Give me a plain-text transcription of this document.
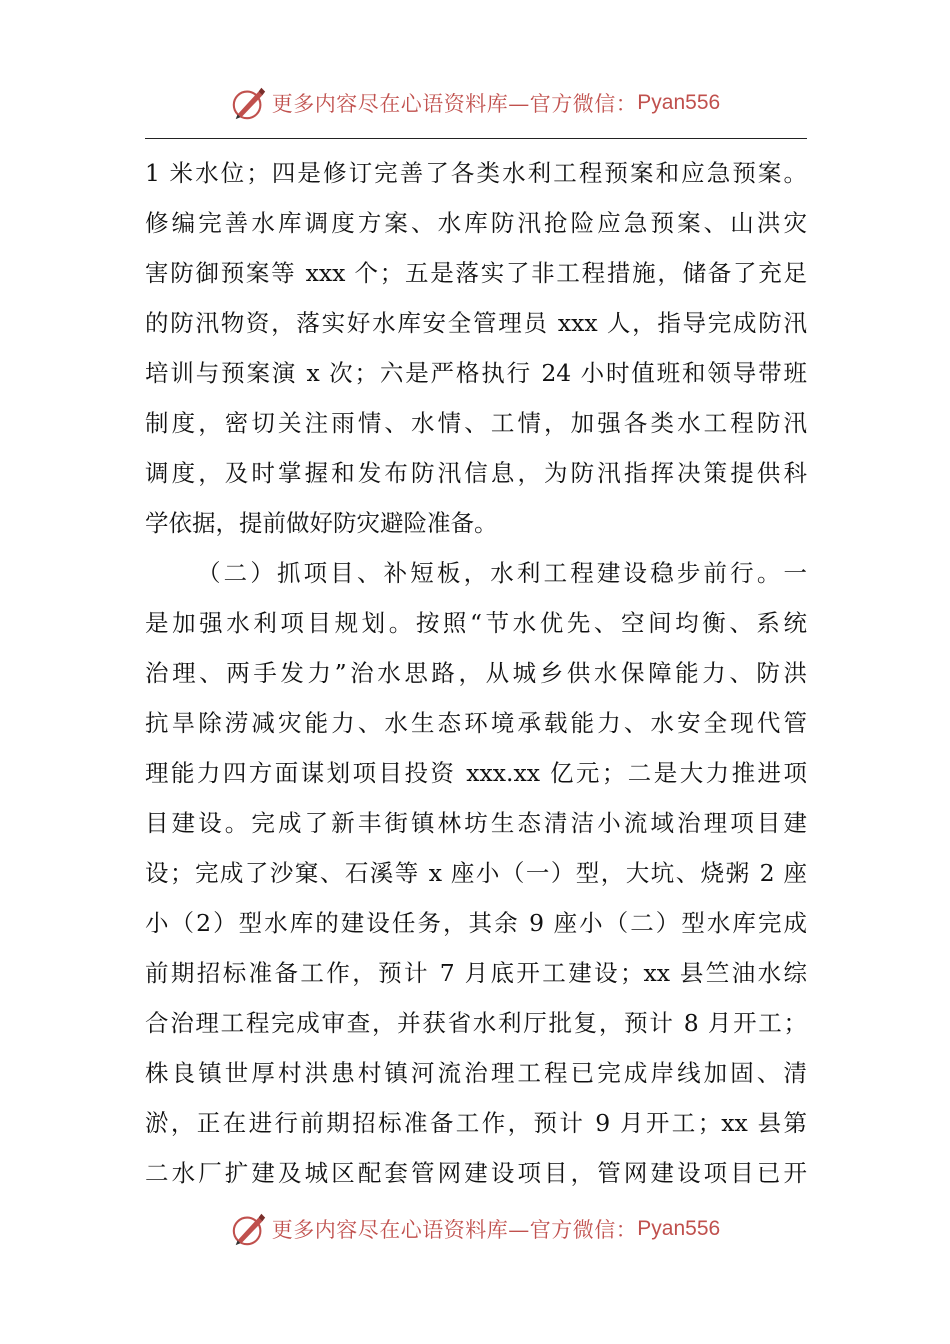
更多内容尽在心语资料库—官方微信： Pyan556
1 米水位；四是修订完善了各类水利工程预案和应急预案。
修编完善水库调度方案、水库防汛抢险应急预案、山洪灾
害防御预案等 xxx 个；五是落实了非工程措施，储备了充足
的防汛物资，落实好水库安全管理员 xxx 人，指导完成防汛
培训与预案演 x 次；六是严格执行 24 小时值班和领导带班
制度，密切关注雨情、水情、工情，加强各类水工程防汛
调度，及时掌握和发布防汛信息，为防汛指挥决策提供科
学依据，提前做好防灾避险准备。
（二）抓项目、补短板，水利工程建设稳步前行。一
是加强水利项目规划。按照“节水优先、空间均衡、系统
治理、两手发力”治水思路，从城乡供水保障能力、防洪
抗旱除涝减灾能力、水生态环境承载能力、水安全现代管
理能力四方面谋划项目投资 xxx.xx 亿元；二是大力推进项
目建设。完成了新丰街镇林坊生态清洁小流域治理项目建
设；完成了沙窠、石溪等 x 座小（一）型，大坑、烧粥 2 座
小（2）型水库的建设任务，其余 9 座小（二）型水库完成
前期招标准备工作，预计 7 月底开工建设；xx 县竺油水综
合治理工程完成审查，并获省水利厅批复，预计 8 月开工；
株良镇世厚村洪患村镇河流治理工程已完成岸线加固、清
淤，正在进行前期招标准备工作，预计 9 月开工；xx 县第
二水厂扩建及城区配套管网建设项目，管网建设项目已开
更多内容尽在心语资料库—官方微信： Pyan556
